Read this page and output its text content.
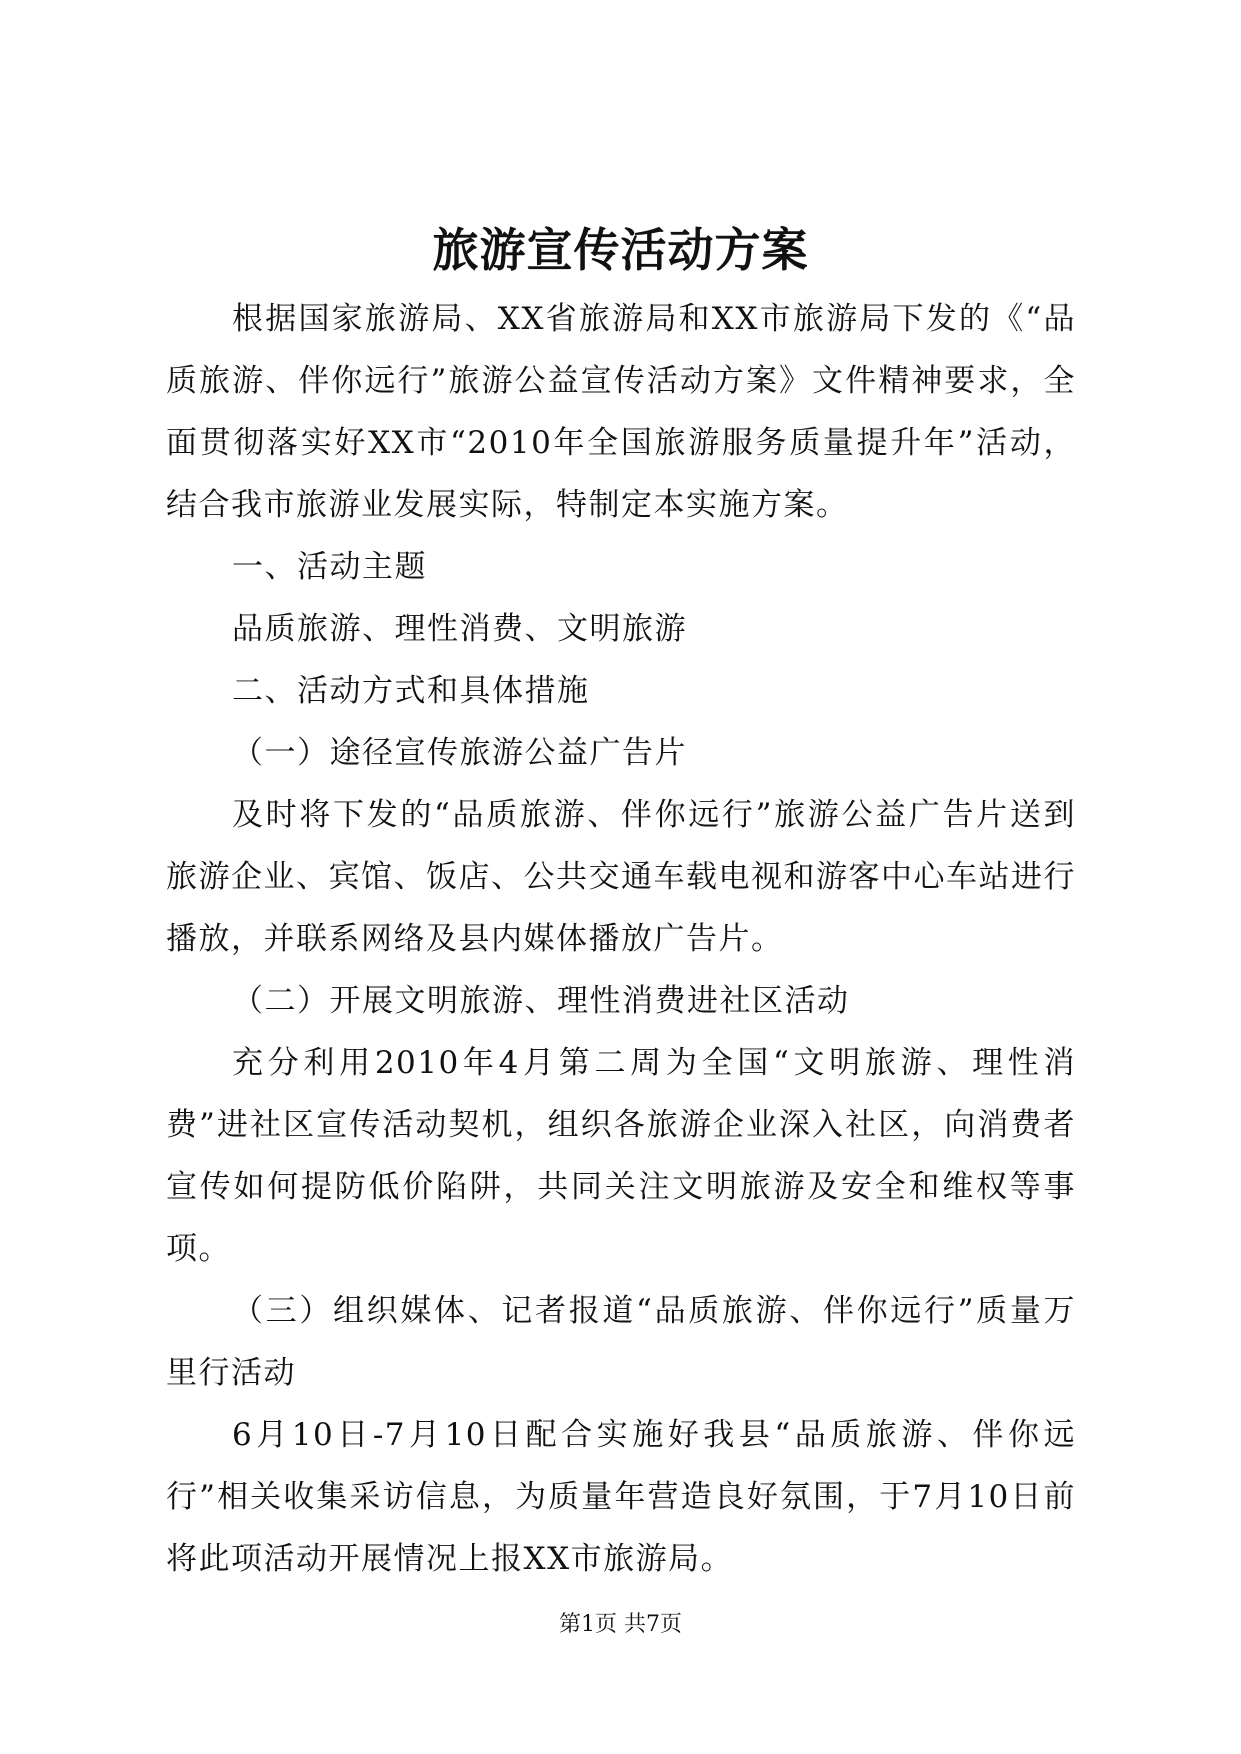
旅游宣传活动方案

根据国家旅游局、XX省旅游局和XX市旅游局下发的《“品质旅游、伴你远行”旅游公益宣传活动方案》文件精神要求，全面贯彻落实好XX市“2010年全国旅游服务质量提升年”活动，结合我市旅游业发展实际，特制定本实施方案。

一、活动主题

品质旅游、理性消费、文明旅游

二、活动方式和具体措施

（一）途径宣传旅游公益广告片

及时将下发的“品质旅游、伴你远行”旅游公益广告片送到旅游企业、宾馆、饭店、公共交通车载电视和游客中心车站进行播放，并联系网络及县内媒体播放广告片。

（二）开展文明旅游、理性消费进社区活动

充分利用2010年4月第二周为全国“文明旅游、理性消费”进社区宣传活动契机，组织各旅游企业深入社区，向消费者宣传如何提防低价陷阱，共同关注文明旅游及安全和维权等事项。

（三）组织媒体、记者报道“品质旅游、伴你远行”质量万里行活动

6月10日-7月10日配合实施好我县“品质旅游、伴你远行”相关收集采访信息，为质量年营造良好氛围，于7月10日前将此项活动开展情况上报XX市旅游局。

第1页 共7页
